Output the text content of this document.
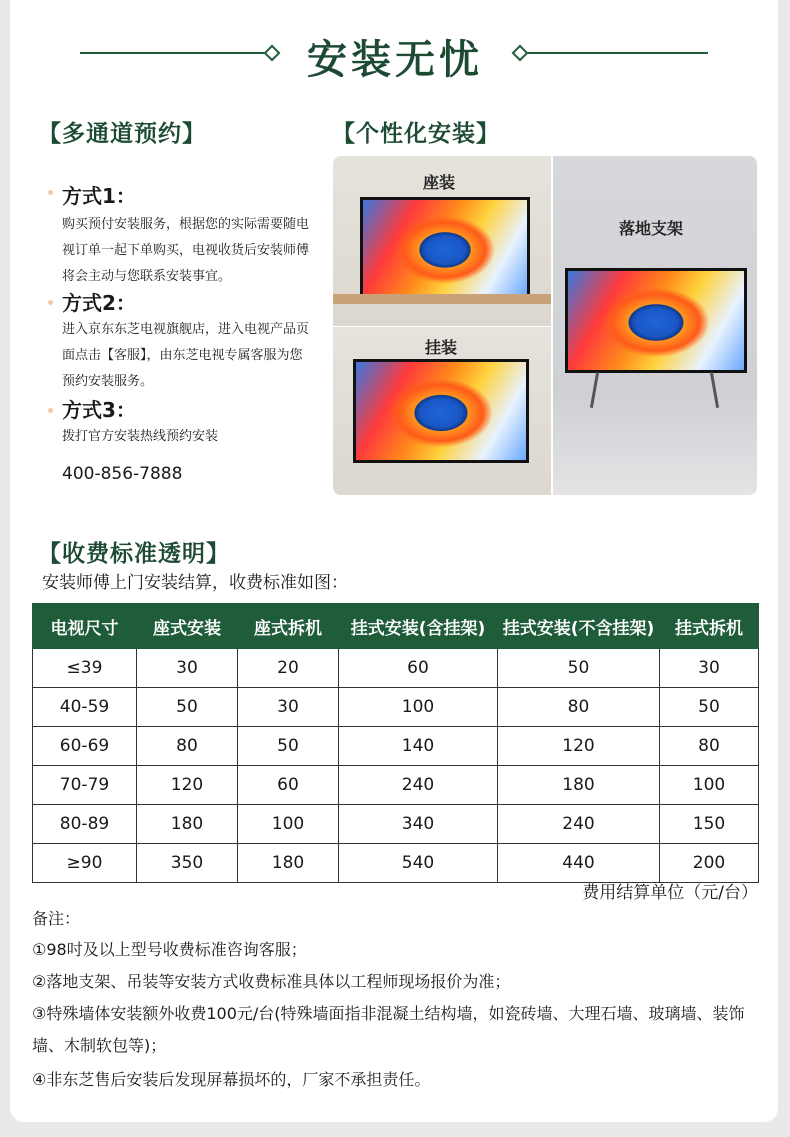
安装无忧
【多通道预约】
方式1：
购买预付安装服务，根据您的实际需要随电视订单一起下单购买，电视收货后安装师傅将会主动与您联系安装事宜。
方式2：
进入京东东芝电视旗舰店，进入电视产品页面点击【客服】，由东芝电视专属客服为您预约安装服务。
方式3：
拨打官方安装热线预约安装
400-856-7888
【个性化安装】
座装
挂装
落地支架
【收费标准透明】
安装师傅上门安装结算，收费标准如图：
电视尺寸	座式安装	座式拆机	挂式安装(含挂架)	挂式安装(不含挂架)	挂式拆机
≤39	30	20	60	50	30
40-59	50	30	100	80	50
60-69	80	50	140	120	80
70-79	120	60	240	180	100
80-89	180	100	340	240	150
≥90	350	180	540	440	200
费用结算单位（元/台）
备注：
①98吋及以上型号收费标准咨询客服；
②落地支架、吊装等安装方式收费标准具体以工程师现场报价为准；
③特殊墙体安装额外收费100元/台(特殊墙面指非混凝土结构墙，如瓷砖墙、大理石墙、玻璃墙、装饰墙、木制软包等)；
④非东芝售后安装后发现屏幕损坏的，厂家不承担责任。
